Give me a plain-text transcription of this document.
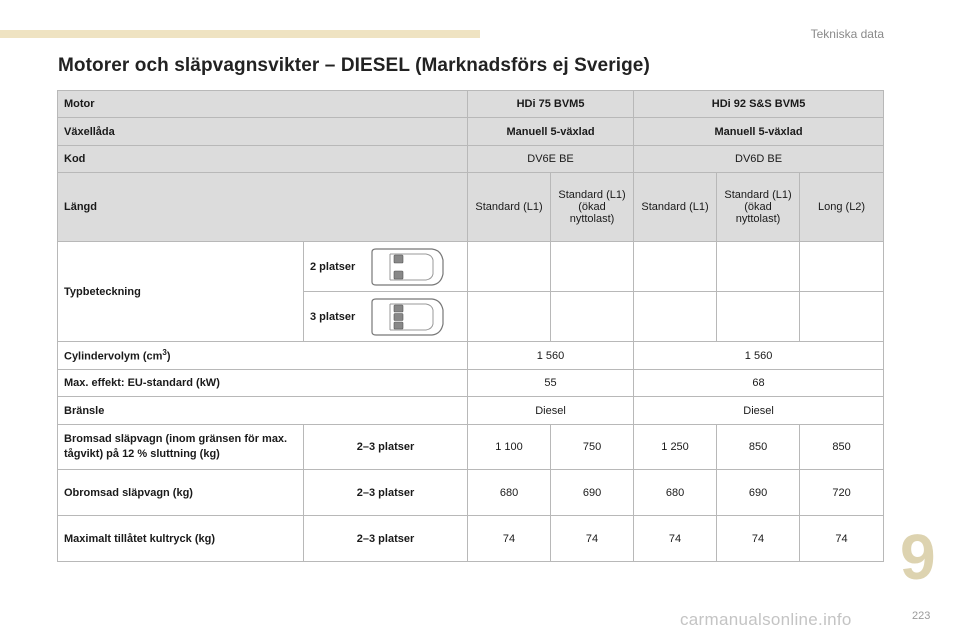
Tekniska data
Motorer och släpvagnsvikter – DIESEL (Marknadsförs ej Sverige)
Motor		HDi 75 BVM5		HDi 92 S&S BVM5		
Växellåda		Manuell 5-växlad		Manuell 5-växlad		
Kod		DV6E BE		DV6D BE		
Längd		Standard (L1)	Standard (L1) (ökad nyttolast)	Standard (L1)	Standard (L1) (ökad nyttolast)	Long (L2)
Typbeteckning	2 platser					
	3 platser					
Cylindervolym $(cm^3)$		1 560		1 560		
Max. effekt: EU-standard (kW)		55		68		
Bränsle		Diesel		Diesel		
Bromsad släpvagn (inom gränsen för max. tågvikt) på 12 % sluttning (kg)	2–3 platser	1 100	750	1 250	850	850
Obromsad släpvagn (kg)	2–3 platser	680	690	680	690	720
Maximalt tillåtet kultryck (kg)	2–3 platser	74	74	74	74	74 9
223
carmanualsonline.info
